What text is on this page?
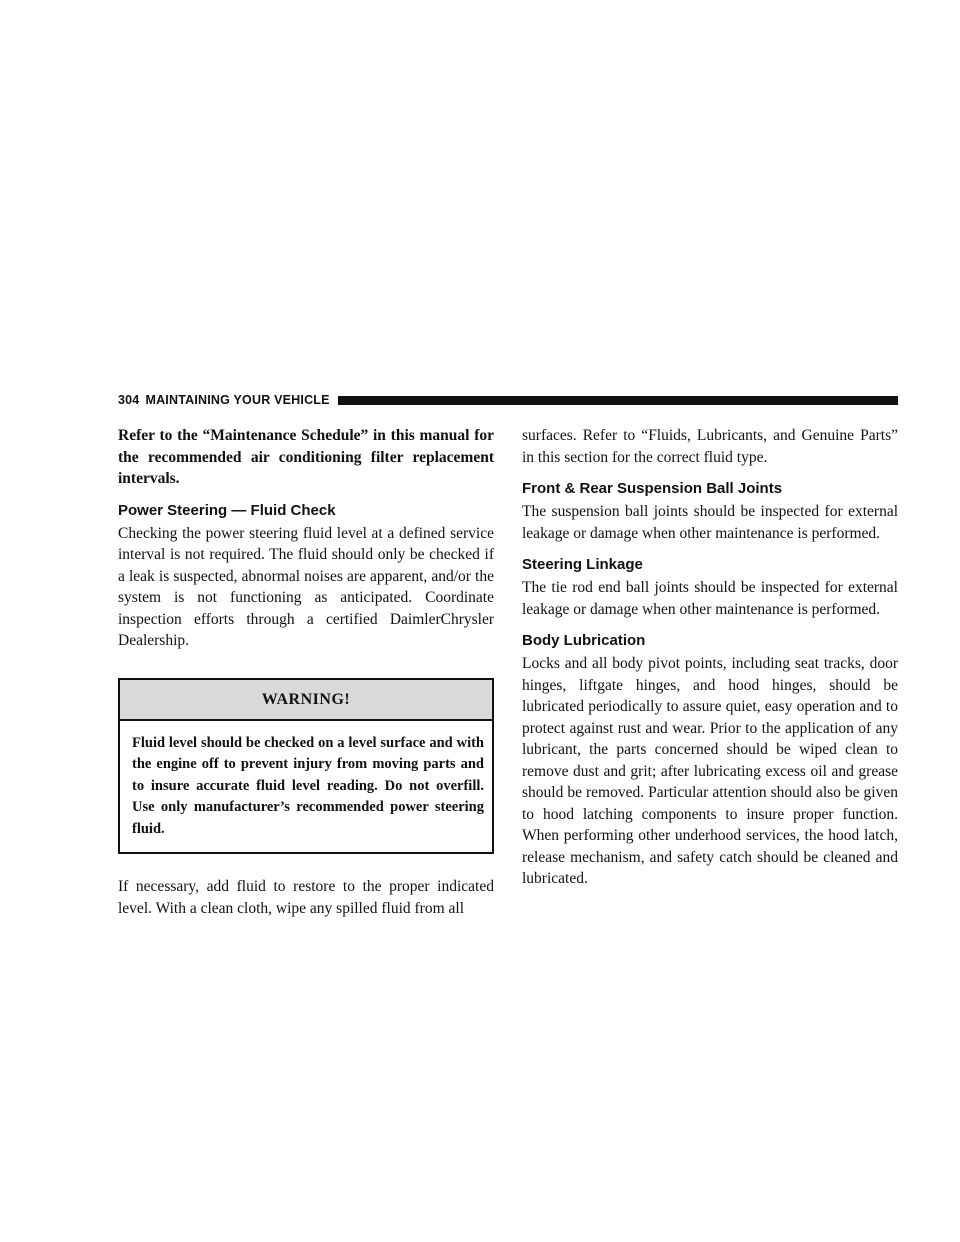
304 MAINTAINING YOUR VEHICLE

Refer to the “Maintenance Schedule” in this manual for the recommended air conditioning filter replacement intervals.

Power Steering — Fluid Check

Checking the power steering fluid level at a defined service interval is not required. The fluid should only be checked if a leak is suspected, abnormal noises are apparent, and/or the system is not functioning as anticipated. Coordinate inspection efforts through a certified DaimlerChrysler Dealership.

WARNING!

Fluid level should be checked on a level surface and with the engine off to prevent injury from moving parts and to insure accurate fluid level reading. Do not overfill. Use only manufacturer’s recommended power steering fluid.

If necessary, add fluid to restore to the proper indicated level. With a clean cloth, wipe any spilled fluid from all

surfaces. Refer to “Fluids, Lubricants, and Genuine Parts” in this section for the correct fluid type.

Front & Rear Suspension Ball Joints

The suspension ball joints should be inspected for external leakage or damage when other maintenance is performed.

Steering Linkage

The tie rod end ball joints should be inspected for external leakage or damage when other maintenance is performed.

Body Lubrication

Locks and all body pivot points, including seat tracks, door hinges, liftgate hinges, and hood hinges, should be lubricated periodically to assure quiet, easy operation and to protect against rust and wear. Prior to the application of any lubricant, the parts concerned should be wiped clean to remove dust and grit; after lubricating excess oil and grease should be removed. Particular attention should also be given to hood latching components to insure proper function. When performing other underhood services, the hood latch, release mechanism, and safety catch should be cleaned and lubricated.
